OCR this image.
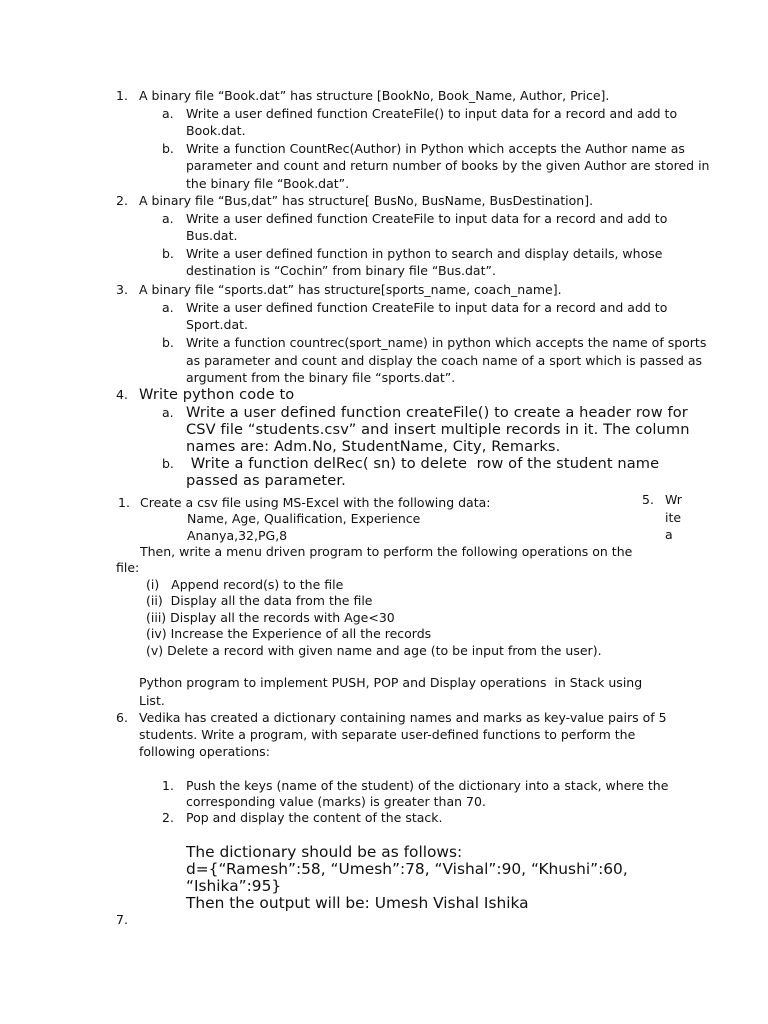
1. A binary file “Book.dat” has structure [BookNo, Book_Name, Author, Price].
a. Write a user defined function CreateFile() to input data for a record and add to
Book.dat.
b. Write a function CountRec(Author) in Python which accepts the Author name as
parameter and count and return number of books by the given Author are stored in
the binary file “Book.dat”.
2. A binary file “Bus,dat” has structure[ BusNo, BusName, BusDestination].
a. Write a user defined function CreateFile to input data for a record and add to
Bus.dat.
b. Write a user defined function in python to search and display details, whose
destination is “Cochin” from binary file “Bus.dat”.
3. A binary file “sports.dat” has structure[sports_name, coach_name].
a. Write a user defined function CreateFile to input data for a record and add to
Sport.dat.
b. Write a function countrec(sport_name) in python which accepts the name of sports
as parameter and count and display the coach name of a sport which is passed as
argument from the binary file “sports.dat”.
4. Write python code to
a. Write a user defined function createFile() to create a header row for
CSV file “students.csv” and insert multiple records in it. The column
names are: Adm.No, StudentName, City, Remarks.
b. Write a function delRec( sn) to delete  row of the student name
passed as parameter.
5. Write a
1. Create a csv file using MS-Excel with the following data:
Name, Age, Qualification, Experience
Ananya,32,PG,8
Then, write a menu driven program to perform the following operations on the
file:
(i)   Append record(s) to the file
(ii)  Display all the data from the file
(iii) Display all the records with Age<30
(iv) Increase the Experience of all the records
(v) Delete a record with given name and age (to be input from the user).
Python program to implement PUSH, POP and Display operations  in Stack using
List.
6. Vedika has created a dictionary containing names and marks as key-value pairs of 5
students. Write a program, with separate user-defined functions to perform the
following operations:
1. Push the keys (name of the student) of the dictionary into a stack, where the
corresponding value (marks) is greater than 70.
2. Pop and display the content of the stack.
The dictionary should be as follows:
d={“Ramesh”:58, “Umesh”:78, “Vishal”:90, “Khushi”:60,
“Ishika”:95}
Then the output will be: Umesh Vishal Ishika
7.
